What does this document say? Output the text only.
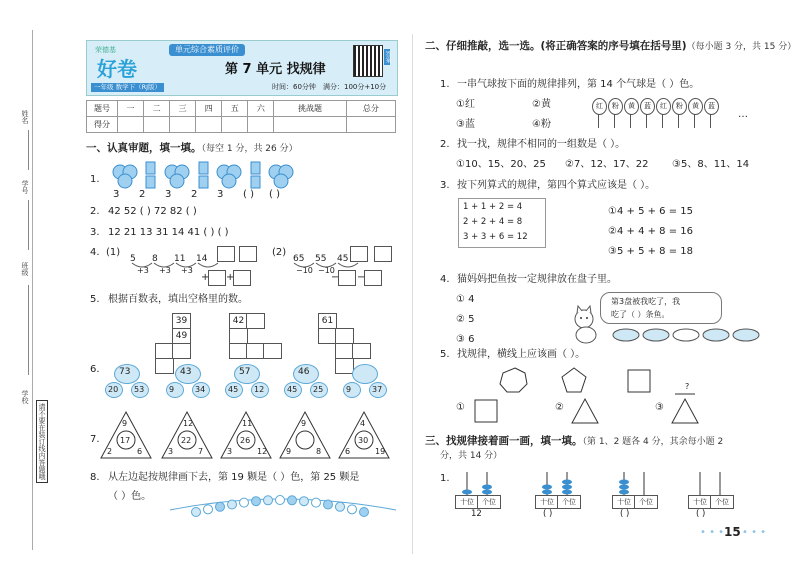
姓名
学号
班级
学校
请不要在装订线内答题哦
荣德基
好卷
一年级 数学下（RJ版）
单元综合素质评价
第 7 单元 找规律
时间：60分钟 满分：100分+10分
答案
题号	一	二	三	四	五	六	挑战题	总分
得分								
一、认真审题，填一填。（每空 1 分，共 26 分）
1.
2. 42 52 ( ) 72 82 ( )
3. 12 21 13 31 14 41 ( ) ( )
4. (1)
+ +
(2)
− −
5. 根据百数表，填出空格里的数。
39
49
42	61
6.
7.
8. 从左边起按规律画下去，第 19 颗是（ ）色，第 25 颗是
（ ）色。
二、仔细推敲，选一选。(将正确答案的序号填在括号里)（每小题 3 分，共 15 分）
1. 一串气球按下面的规律排列，第 14 个气球是（ ）色。
2. 找一找，规律不相同的一组数是（ ）。
3. 按下列算式的规律，第四个算式应该是（ ）。
4. 猫妈妈把鱼按一定规律放在盘子里。
第3盘被我吃了，我
吃了（ ）条鱼。
5. 找规律，横线上应该画（ ）。
?
三、找规律接着画一画，填一填。（第 1、2 题各 4 分，其余每小题 2
分，共 14 分）
1.
• • • 15 • • •
3 2 3 2 3 ( ) ( )
5 8 11 14
+3 +3 +3
65 55 45
−10 −10
73
20 53
43
9	34
57
45 12
46
45 25	9	37
17
9
2	6
22
12
3	7
26
11
3	12
9
9	8
30
4
6	19
①红	②黄
③蓝	④粉
红	粉	黄	蓝	红	粉	黄	蓝
…
①10、15、20、25 ②7、12、17、22 ③5、8、11、14
1 + 1 + 2 = 4
2 + 2 + 4 = 8
3 + 3 + 6 = 12
①4 + 5 + 6 = 15
②4 + 4 + 8 = 16
③5 + 5 + 8 = 18
① 4
② 5
③ 6
①	②	③
十位	个位
12
十位	个位
( )
十位	个位
( )
十位	个位
( )
